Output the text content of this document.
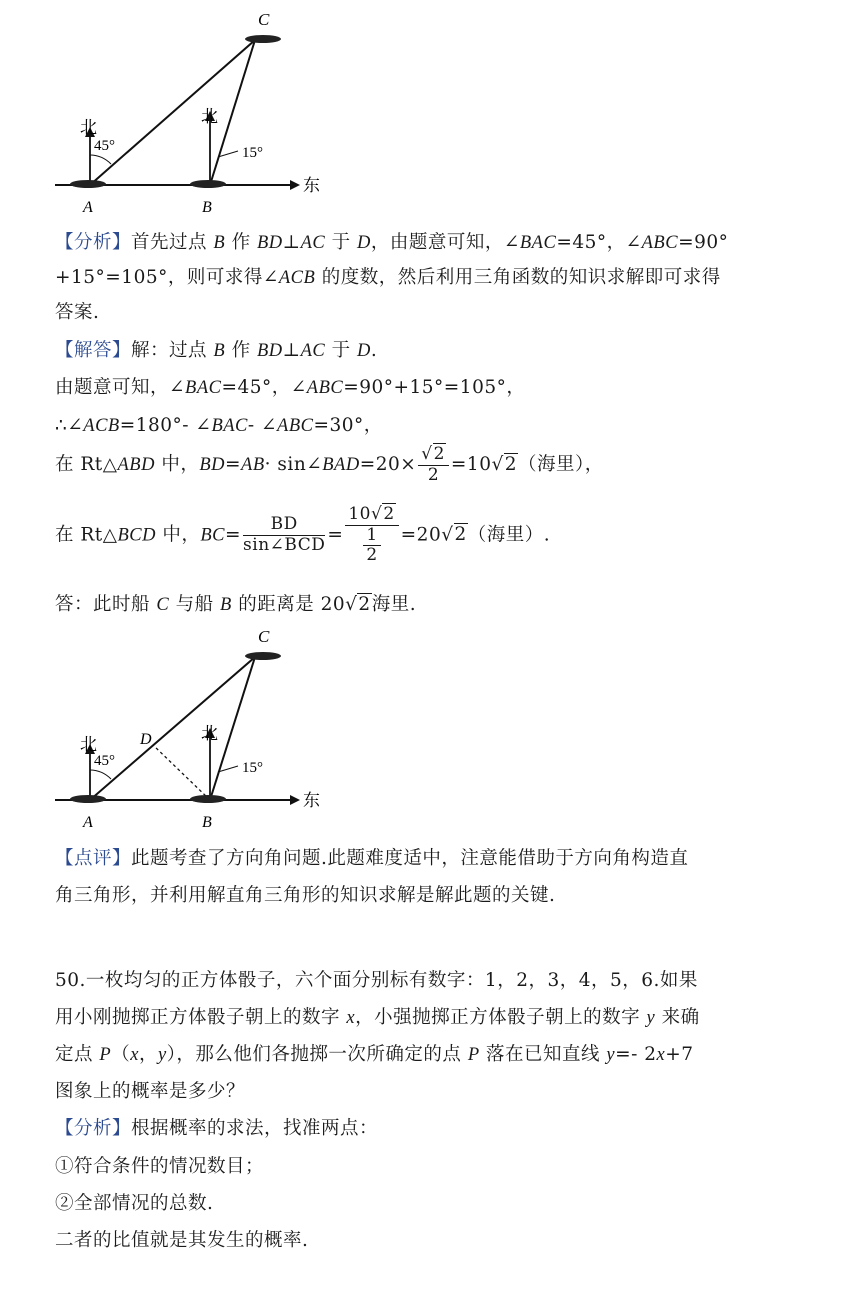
C
A	B
北
北
东
45°	15°
【分析】首先过点 B 作 BD⊥AC 于 D，由题意可知，∠BAC=45°，∠ABC=90°
+15°=105°，则可求得∠ACB 的度数，然后利用三角函数的知识求解即可求得
答案.
【解答】解：过点 B 作 BD⊥AC 于 D.
由题意可知，∠BAC=45°，∠ABC=90°+15°=105°，
∴∠ACB=180°- ∠BAC- ∠ABC=30°，
在 Rt△ABD 中，BD=AB· sin∠BAD=20× $\frac{√2}{2} =10√2$（海里），
在 Rt△BCD 中，$BC= \frac{BD}{\text{sin∠BCD}} = \frac{10√2}{\frac{1}{2}} =20√2$（海里）.
答：此时船 C 与船 B 的距离是 20√2海里.
C
D
A	B
北
北
东
45°	15°
【点评】此题考查了方向角问题.此题难度适中，注意能借助于方向角构造直
角三角形，并利用解直角三角形的知识求解是解此题的关键.
50.一枚均匀的正方体骰子，六个面分别标有数字：1，2，3，4，5，6.如果
用小刚抛掷正方体骰子朝上的数字 x，小强抛掷正方体骰子朝上的数字 y 来确
定点 P（x，y），那么他们各抛掷一次所确定的点 P 落在已知直线 y=- 2x+7
图象上的概率是多少？
【分析】根据概率的求法，找准两点：
①符合条件的情况数目；
②全部情况的总数.
二者的比值就是其发生的概率.
